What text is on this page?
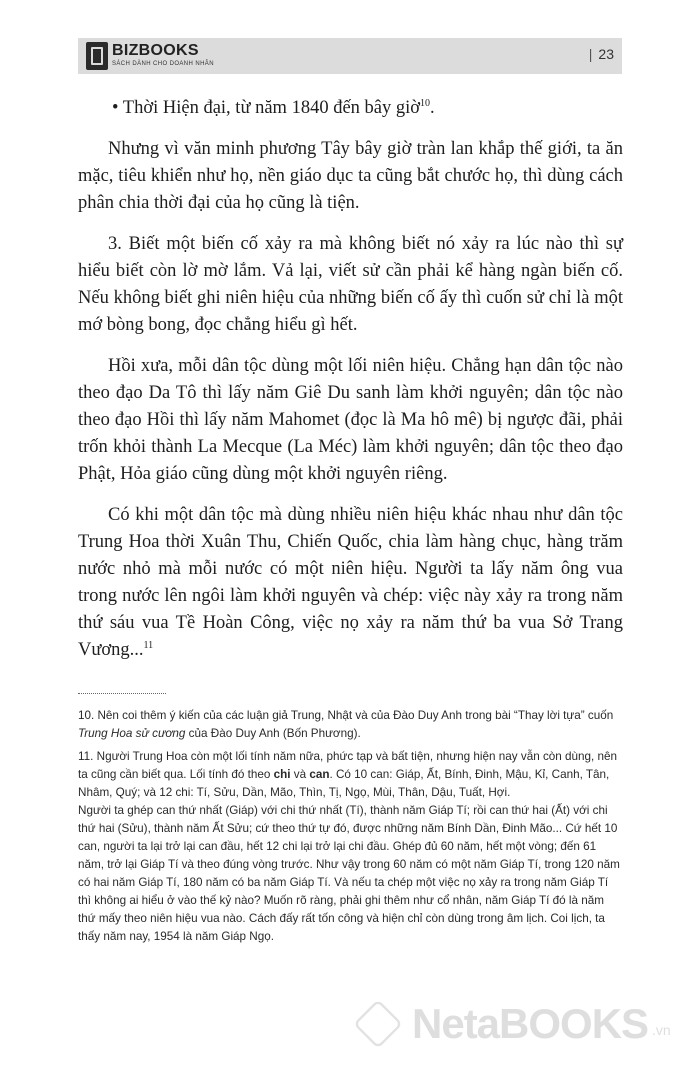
BIZBOOKS
SÁCH DÀNH CHO DOANH NHÂN
| 23

• Thời Hiện đại, từ năm 1840 đến bây giờ$^{10}$.

Nhưng vì văn minh phương Tây bây giờ tràn lan khắp thế giới, ta ăn mặc, tiêu khiển như họ, nền giáo dục ta cũng bắt chước họ, thì dùng cách phân chia thời đại của họ cũng là tiện.

3. Biết một biến cố xảy ra mà không biết nó xảy ra lúc nào thì sự hiểu biết còn lờ mờ lắm. Vả lại, viết sử cần phải kể hàng ngàn biến cố. Nếu không biết ghi niên hiệu của những biến cố ấy thì cuốn sử chỉ là một mớ bòng bong, đọc chẳng hiểu gì hết.

Hồi xưa, mỗi dân tộc dùng một lối niên hiệu. Chẳng hạn dân tộc nào theo đạo Da Tô thì lấy năm Giê Du sanh làm khởi nguyên; dân tộc nào theo đạo Hồi thì lấy năm Mahomet (đọc là Ma hô mê) bị ngược đãi, phải trốn khỏi thành La Mecque (La Méc) làm khởi nguyên; dân tộc theo đạo Phật, Hỏa giáo cũng dùng một khởi nguyên riêng.

Có khi một dân tộc mà dùng nhiều niên hiệu khác nhau như dân tộc Trung Hoa thời Xuân Thu, Chiến Quốc, chia làm hàng chục, hàng trăm nước nhỏ mà mỗi nước có một niên hiệu. Người ta lấy năm ông vua trong nước lên ngôi làm khởi nguyên và chép: việc này xảy ra trong năm thứ sáu vua Tề Hoàn Công, việc nọ xảy ra năm thứ ba vua Sở Trang Vương...$^{11}$

10. Nên coi thêm ý kiến của các luận giả Trung, Nhật và của Đào Duy Anh trong bài “Thay lời tựa” cuốn Trung Hoa sử cương của Đào Duy Anh (Bốn Phương).

11. Người Trung Hoa còn một lối tính năm nữa, phức tạp và bất tiện, nhưng hiện nay vẫn còn dùng, nên ta cũng cần biết qua. Lối tính đó theo chi và can. Có 10 can: Giáp, Ất, Bính, Đinh, Mậu, Kỉ, Canh, Tân, Nhâm, Quý; và 12 chi: Tí, Sửu, Dần, Mão, Thìn, Tị, Ngọ, Mùi, Thân, Dậu, Tuất, Hợi.

Người ta ghép can thứ nhất (Giáp) với chi thứ nhất (Tí), thành năm Giáp Tí; rồi can thứ hai (Ất) với chi thứ hai (Sửu), thành năm Ất Sửu; cứ theo thứ tự đó, được những năm Bính Dần, Đinh Mão... Cứ hết 10 can, người ta lại trở lại can đầu, hết 12 chi lại trở lại chi đầu. Ghép đủ 60 năm, hết một vòng; đến 61 năm, trở lại Giáp Tí và theo đúng vòng trước. Như vậy trong 60 năm có một năm Giáp Tí, trong 120 năm có hai năm Giáp Tí, 180 năm có ba năm Giáp Tí. Và nếu ta chép một việc nọ xảy ra trong năm Giáp Tí thì không ai hiểu ở vào thế kỷ nào? Muốn rõ ràng, phải ghi thêm như cổ nhân, năm Giáp Tí đó là năm thứ mấy theo niên hiệu vua nào. Cách đấy rất tốn công và hiện chỉ còn dùng trong âm lịch. Coi lịch, ta thấy năm nay, 1954 là năm Giáp Ngọ.

NetaBOOKS .vn
